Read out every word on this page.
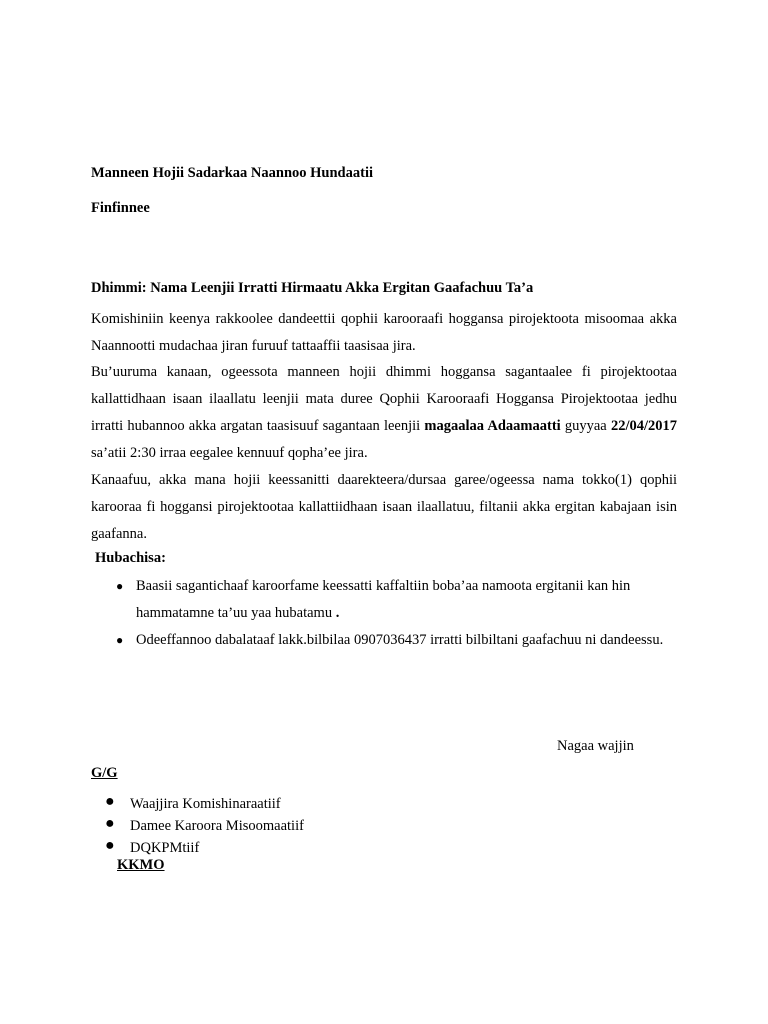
Manneen Hojii Sadarkaa Naannoo Hundaatii
Finfinnee
Dhimmi: Nama Leenjii Irratti Hirmaatu Akka Ergitan Gaafachuu Ta’a
Komishiniin keenya rakkoolee dandeettii qophii karooraafi hoggansa pirojektoota misoomaa akka Naannootti mudachaa jiran furuuf tattaaffii taasisaa jira.
Bu’uuruma kanaan, ogeessota manneen hojii dhimmi hoggansa sagantaalee fi pirojektootaa kallattidhaan isaan ilaallatu leenjii mata duree Qophii Karooraafi Hoggansa Pirojektootaa jedhu irratti hubannoo akka argatan taasisuuf sagantaan leenjii magaalaa Adaamaatti guyyaa 22/04/2017 sa’atii 2:30 irraa eegalee kennuuf qopha’ee jira.
Kanaafuu, akka mana hojii keessanitti daarekteera/dursaa garee/ogeessa nama tokko(1) qophii karooraa fi hoggansi pirojektootaa kallattiidhaan isaan ilaallatuu, filtanii akka ergitan kabajaan isin gaafanna.
Hubachisa:
● Baasii sagantichaaf karoorfame keessatti kaffaltiin boba’aa namoota ergitanii kan hin hammatamne ta’uu yaa hubatamu .
● Odeeffannoo dabalataaf lakk.bilbilaa 0907036437 irratti bilbiltani gaafachuu ni dandeessu.
Nagaa wajjin
G/G
● Waajjira Komishinaraatiif
● Damee Karoora Misoomaatiif
● DQKPMtiif
KKMO
